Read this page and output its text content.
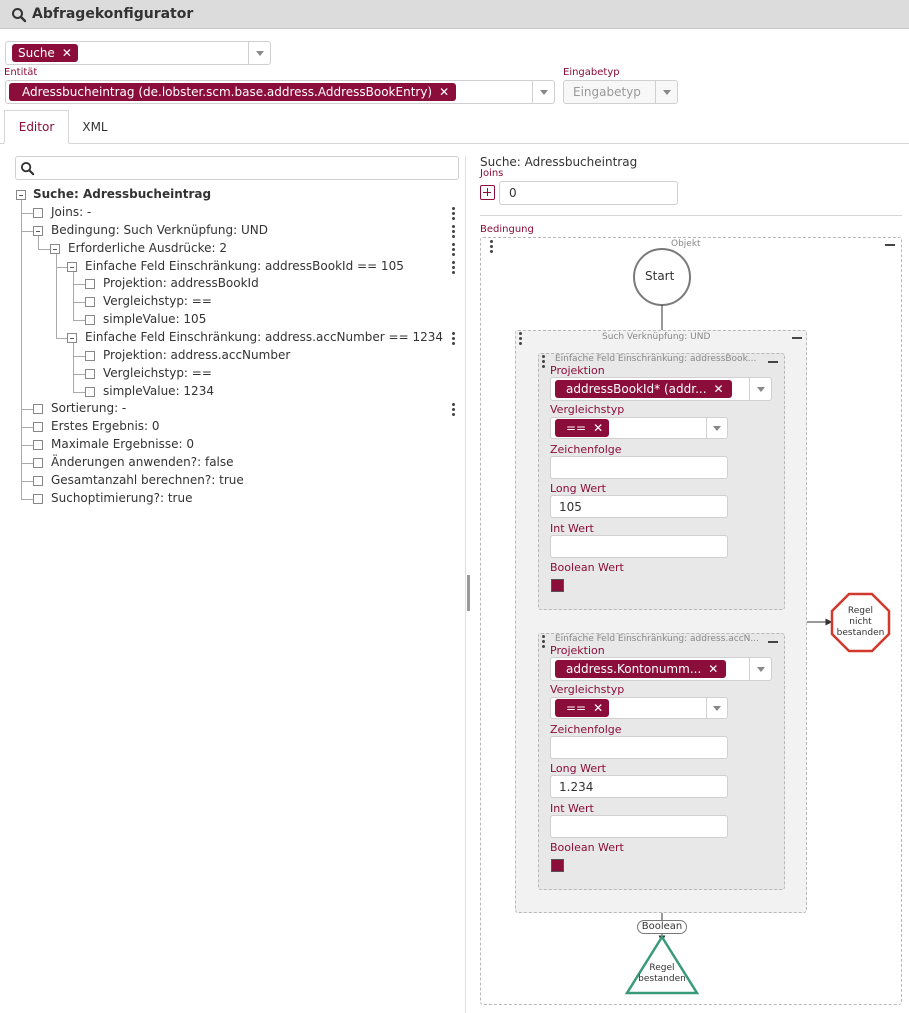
Abfragekonfigurator
Suche ✕
Entität
Adressbucheintrag (de.lobster.scm.base.address.AddressBookEntry) ✕
Eingabetyp
Eingabetyp
Editor	XML
Suche: Adressbucheintrag
Joins: -
Bedingung: Such Verknüpfung: UND
Erforderliche Ausdrücke: 2
Einfache Feld Einschränkung: addressBookId == 105
Projektion: addressBookId
Vergleichstyp: ==
simpleValue: 105
Einfache Feld Einschränkung: address.accNumber == 1234
Projektion: address.accNumber
Vergleichstyp: ==
simpleValue: 1234
Sortierung: -
Erstes Ergebnis: 0
Maximale Ergebnisse: 0
Änderungen anwenden?: false
Gesamtanzahl berechnen?: true
Suchoptimierung?: true
Suche: Adressbucheintrag
Joins
0
Bedingung
Objekt
Start
Regel
nicht
bestanden
Regel
bestanden
Boolean
Such Verknüpfung: UND
Einfache Feld Einschränkung: addressBook...
Projektion
addressBookId* (addr... ✕
Vergleichstyp
== ✕
Zeichenfolge
Long Wert
105
Int Wert
Boolean Wert
Einfache Feld Einschränkung: address.accN...
Projektion
address.Kontonumm... ✕
Vergleichstyp
== ✕
Zeichenfolge
Long Wert
1.234
Int Wert
Boolean Wert
